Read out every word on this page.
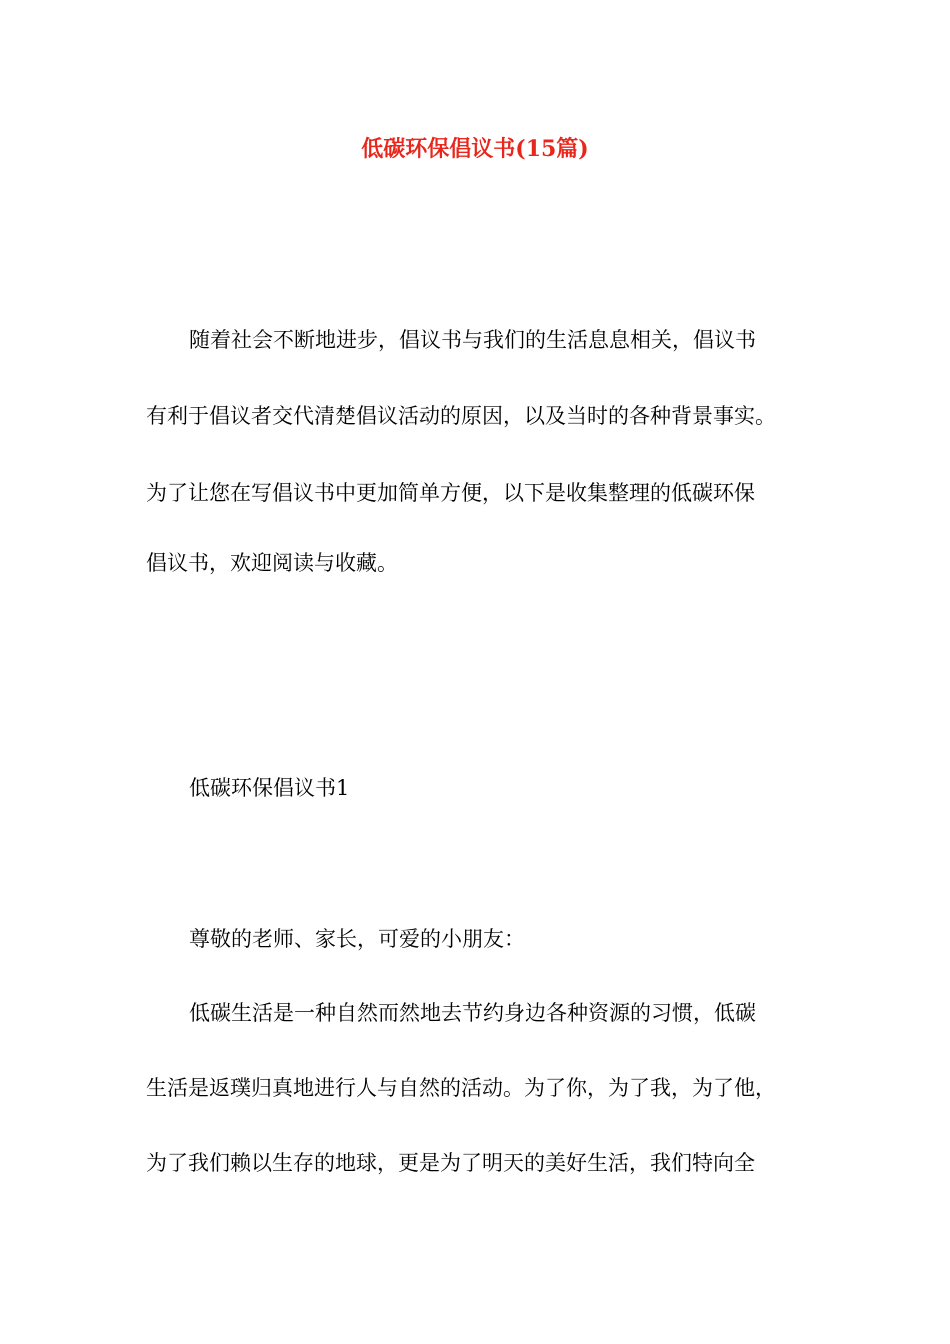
低碳环保倡议书(15篇)
随着社会不断地进步，倡议书与我们的生活息息相关，倡议书
有利于倡议者交代清楚倡议活动的原因，以及当时的各种背景事实。
为了让您在写倡议书中更加简单方便，以下是收集整理的低碳环保
倡议书，欢迎阅读与收藏。
低碳环保倡议书1
尊敬的老师、家长，可爱的小朋友：
低碳生活是一种自然而然地去节约身边各种资源的习惯，低碳
生活是返璞归真地进行人与自然的活动。为了你，为了我，为了他，
为了我们赖以生存的地球，更是为了明天的美好生活，我们特向全
